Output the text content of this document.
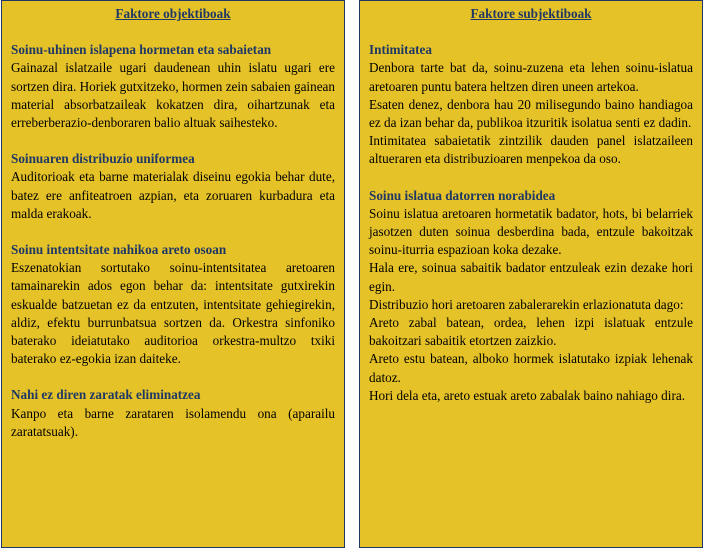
Faktore objektiboak
Soinu-uhinen islapena hormetan eta sabaietan

Gainazal islatzaile ugari daudenean uhin islatu ugari ere sortzen dira. Horiek gutxitzeko, hormen zein sabaien gainean material absorbatzaileak kokatzen dira, oihartzunak eta erreberberazio-denboraren balio altuak saihesteko.

Soinuaren distribuzio uniformea

Auditorioak eta barne materialak diseinu egokia behar dute, batez ere anfiteatroen azpian, eta zoruaren kurbadura eta malda erakoak.

Soinu intentsitate nahikoa areto osoan

Eszenatokian sortutako soinu-intentsitatea aretoaren tamainarekin ados egon behar da: intentsitate gutxirekin eskualde batzuetan ez da entzuten, intentsitate gehiegirekin, aldiz, efektu burrunbatsua sortzen da. Orkestra sinfoniko baterako ideiatutako auditorioa orkestra-multzo txiki baterako ez-egokia izan daiteke.

Nahi ez diren zaratak eliminatzea

Kanpo eta barne zarataren isolamendu ona (aparailu zaratatsuak).

Faktore subjektiboak
Intimitatea

Denbora tarte bat da, soinu-zuzena eta lehen soinu-islatua aretoaren puntu batera heltzen diren uneen artekoa.

Esaten denez, denbora hau 20 milisegundo baino handiagoa ez da izan behar da, publikoa itzuritik isolatua senti ez dadin.

Intimitatea sabaietatik zintzilik dauden panel islatzaileen altueraren eta distribuzioaren menpekoa da oso.

Soinu islatua datorren norabidea

Soinu islatua aretoaren hormetatik badator, hots, bi belarriek jasotzen duten soinua desberdina bada, entzule bakoitzak soinu-iturria espazioan koka dezake.

Hala ere, soinua sabaitik badator entzuleak ezin dezake hori egin.

Distribuzio hori aretoaren zabalerarekin erlazionatuta dago:

Areto zabal batean, ordea, lehen izpi islatuak entzule bakoitzari sabaitik etortzen zaizkio.

Areto estu batean, alboko hormek islatutako izpiak lehenak datoz.

Hori dela eta, areto estuak areto zabalak baino nahiago dira.
